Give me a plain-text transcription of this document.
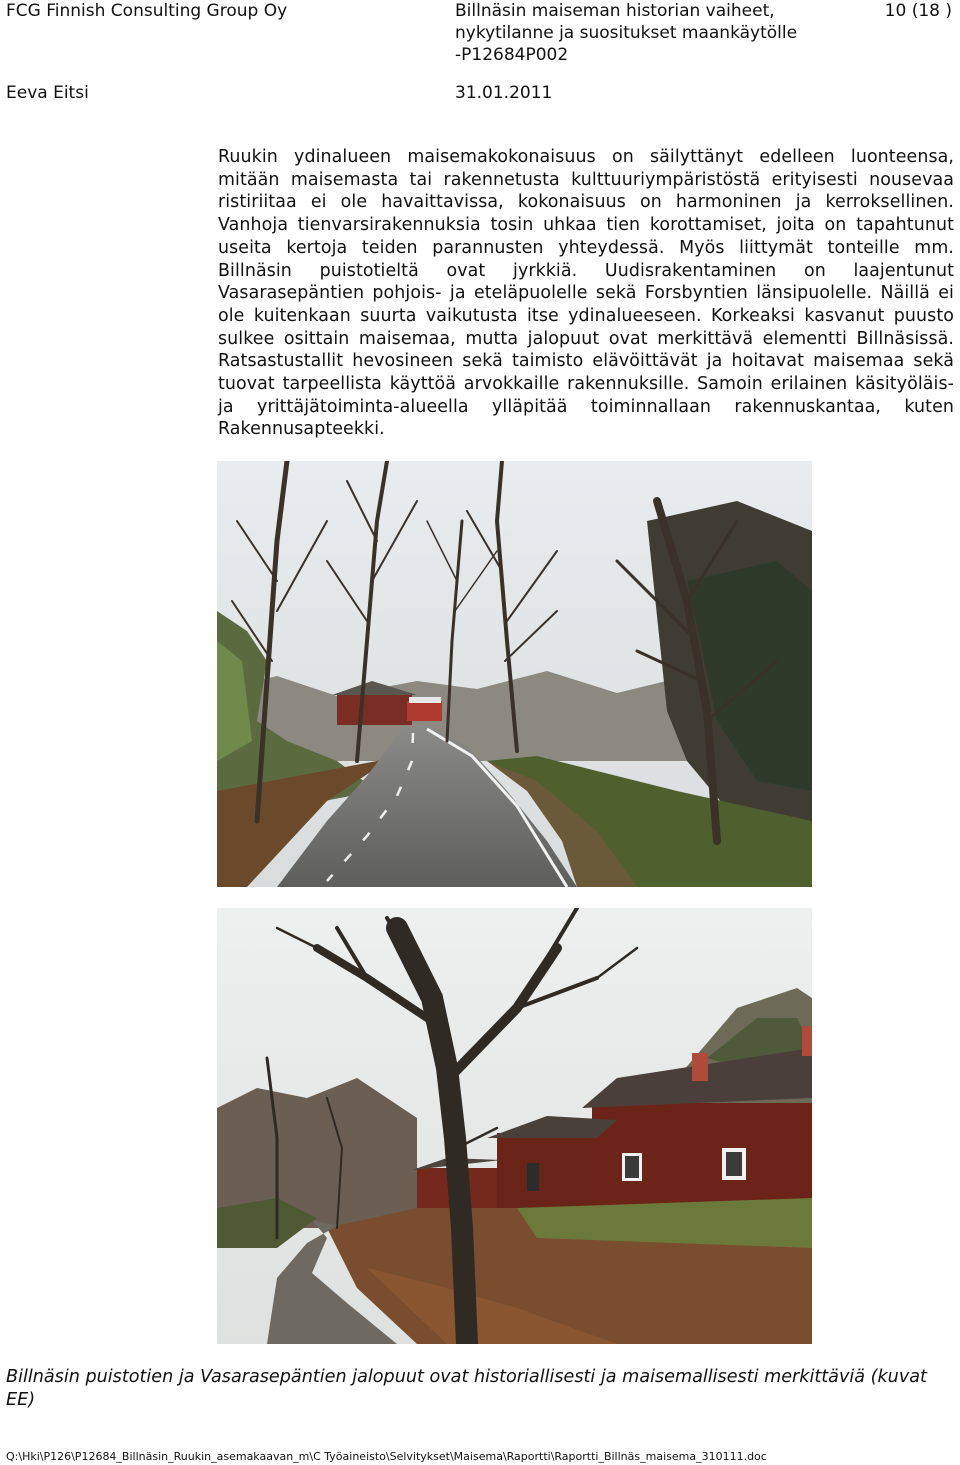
FCG Finnish Consulting Group Oy	Billnäsin maiseman historian vaiheet,
nykytilanne ja suositukset maankäytölle
-P12684P002
10 (18 )
Eeva Eitsi	31.01.2011

Ruukin ydinalueen maisemakokonaisuus on säilyttänyt edelleen luonteensa, mitään maisemasta tai rakennetusta kulttuuriympäristöstä erityisesti nousevaa ristiriitaa ei ole havaittavissa, kokonaisuus on harmoninen ja kerroksellinen. Vanhoja tienvarsirakennuksia tosin uhkaa tien korottamiset, joita on tapahtunut useita kertoja teiden parannusten yhteydessä. Myös liittymät tonteille mm. Billnäsin puistotieltä ovat jyrkkiä. Uudisrakentaminen on laajentunut Vasarasepäntien pohjois- ja eteläpuolelle sekä Forsbyntien länsipuolelle. Näillä ei ole kuitenkaan suurta vaikutusta itse ydinalueeseen. Korkeaksi kasvanut puusto sulkee osittain maisemaa, mutta jalopuut ovat merkittävä elementti Billnäsissä. Ratsastustallit hevosineen sekä taimisto elävöittävät ja hoitavat maisemaa sekä tuovat tarpeellista käyttöä arvokkaille rakennuksille. Samoin erilainen käsityöläis- ja yrittäjätoiminta-alueella ylläpitää toiminnallaan rakennuskantaa, kuten Rakennusapteekki.

Billnäsin puistotien ja Vasarasepäntien jalopuut ovat historiallisesti ja maisemallisesti merkittäviä (kuvat EE)

Q:\Hki\P126\P12684_Billnäsin_Ruukin_asemakaavan_m\C Työaineisto\Selvitykset\Maisema\Raportti\Raportti_Billnäs_maisema_310111.doc
